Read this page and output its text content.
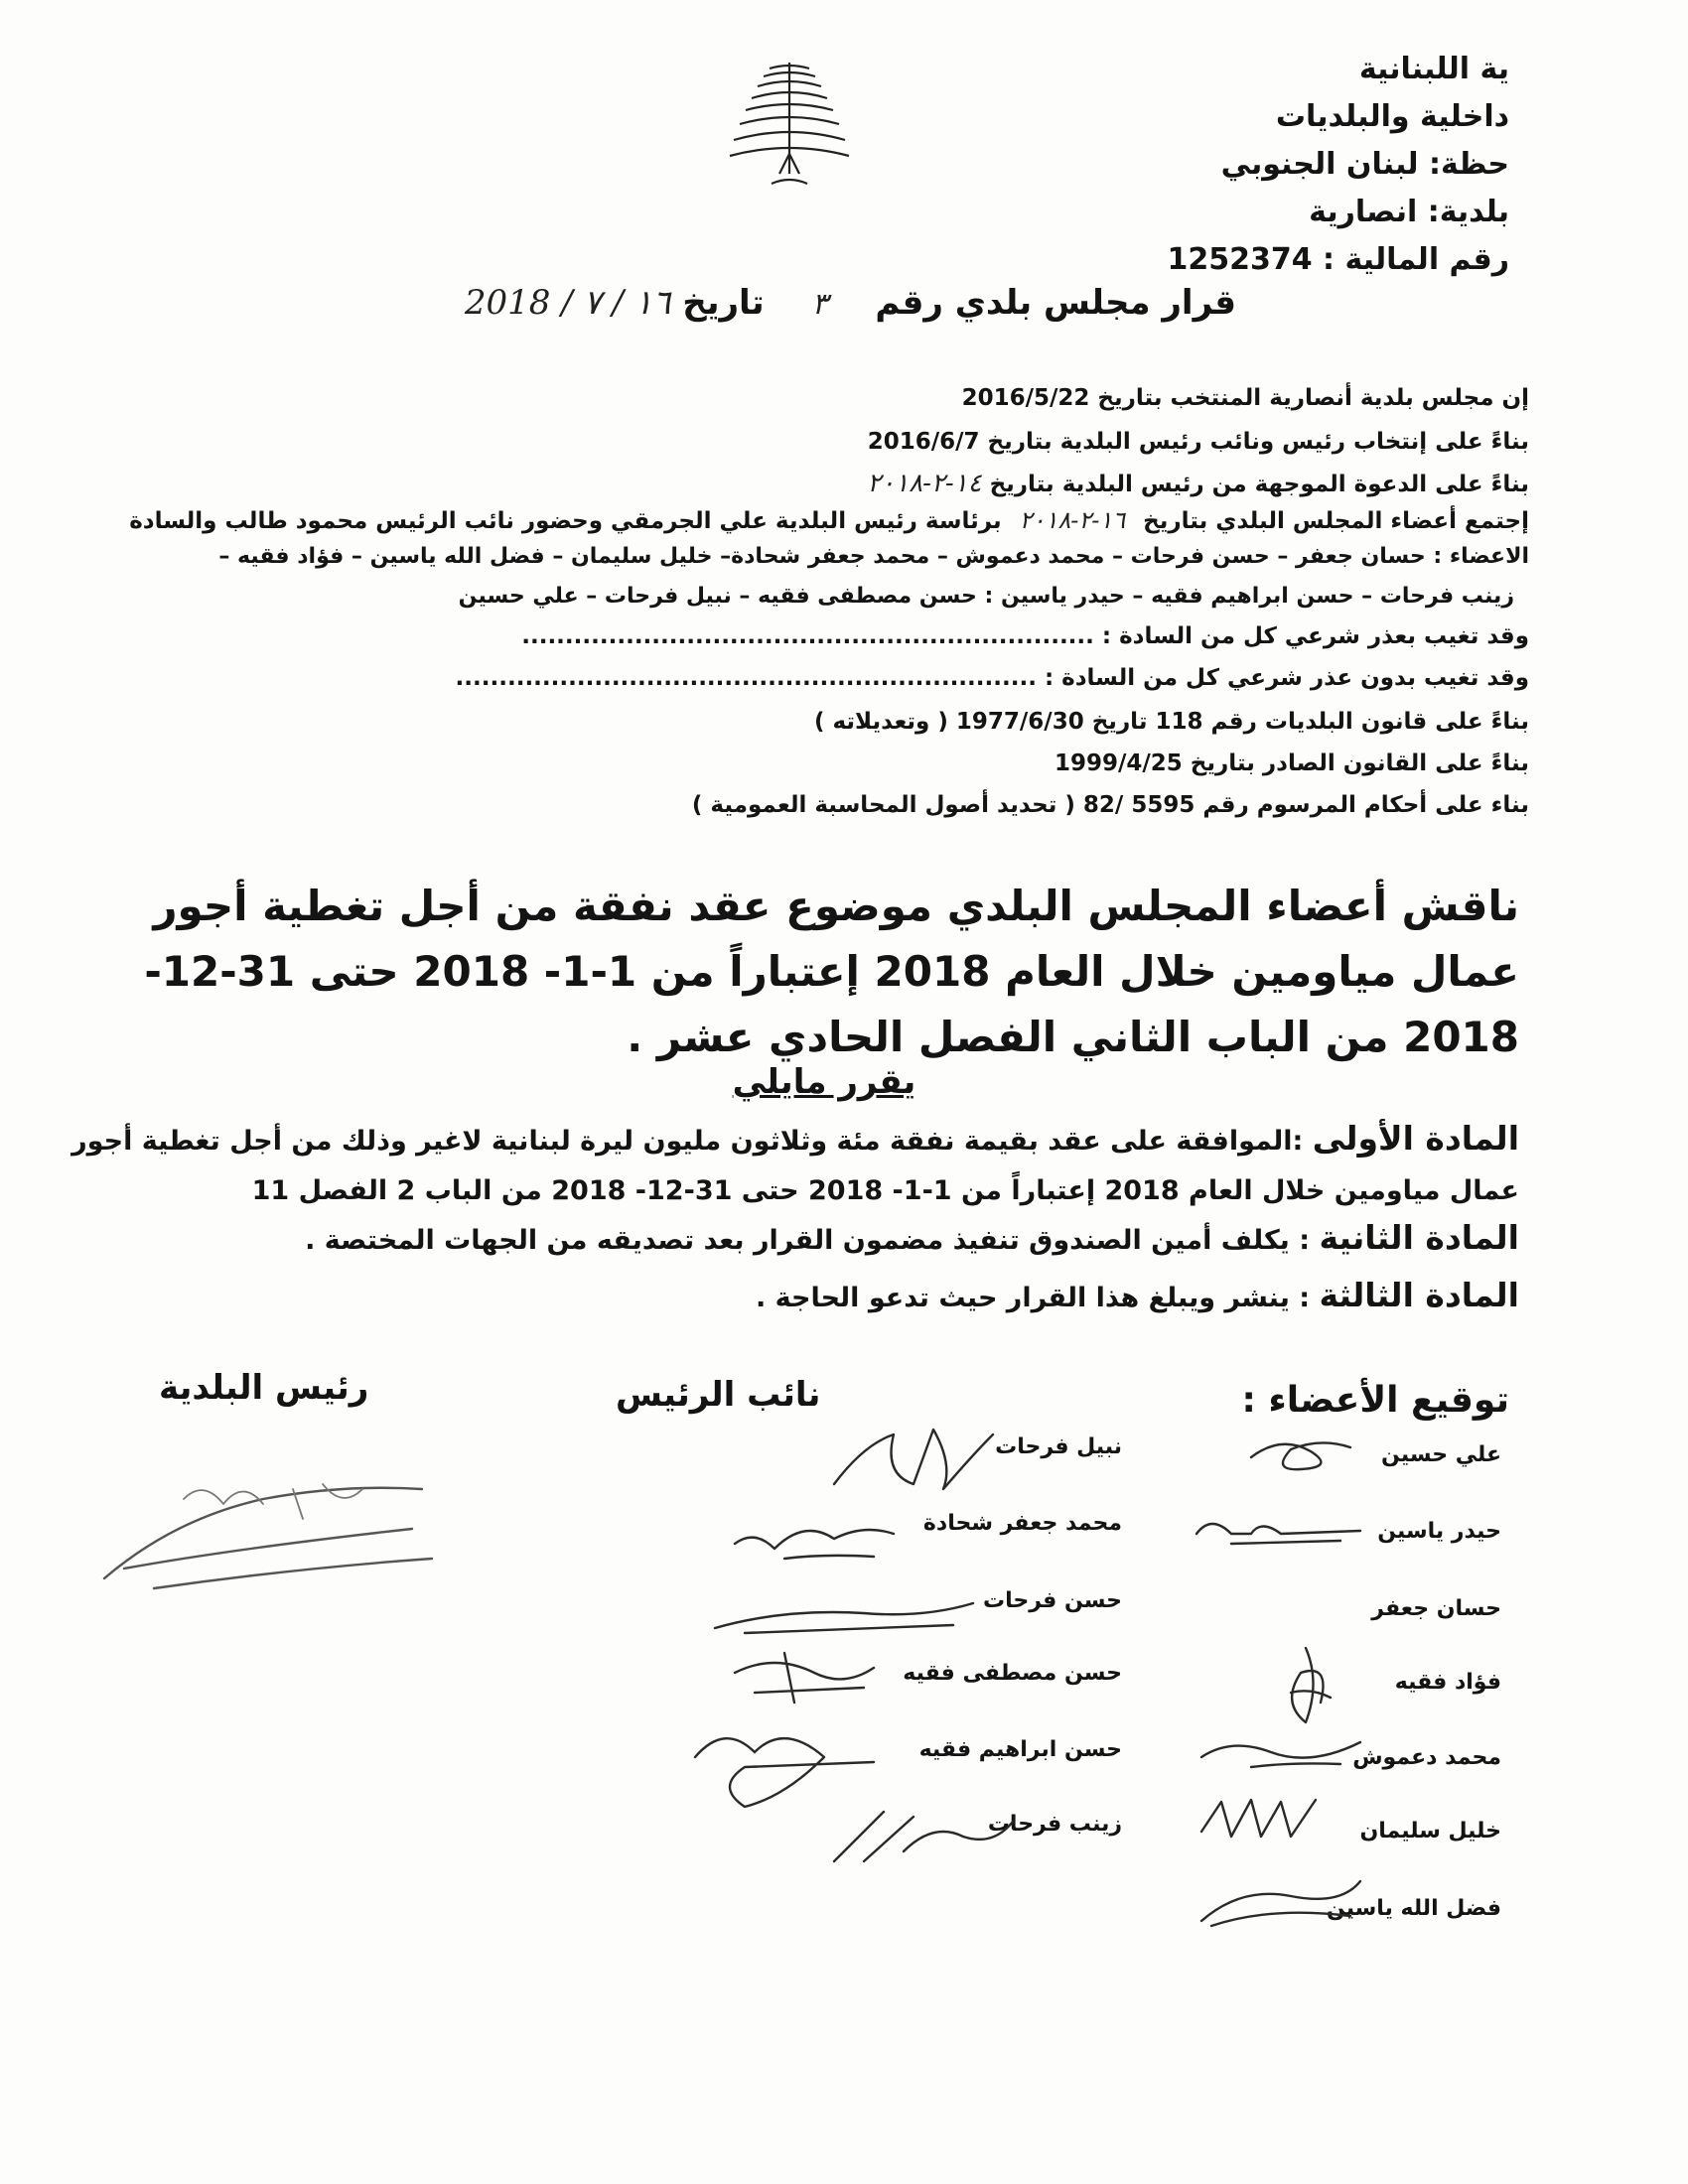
ية اللبنانية
داخلية والبلديات
حظة: لبنان الجنوبي
بلدية: انصارية
رقم المالية : 1252374
قرار مجلس بلدي رقم ٣ تاريخ ١٦ / ٧ / 2018
إن مجلس بلدية أنصارية المنتخب بتاريخ 2016/5/22
بناءً على إنتخاب رئيس ونائب رئيس البلدية بتاريخ 2016/6/7
بناءً على الدعوة الموجهة من رئيس البلدية بتاريخ ١٤-٢-٢٠١٨
إجتمع أعضاء المجلس البلدي بتاريخ ١٦-٢-٢٠١٨ برئاسة رئيس البلدية علي الجرمقي وحضور نائب الرئيس محمود طالب والسادة
الاعضاء : حسان جعفر – حسن فرحات – محمد دعموش – محمد جعفر شحادة– خليل سليمان – فضل الله ياسين – فؤاد فقيه –
زينب فرحات – حسن ابراهيم فقيه – حيدر ياسين : حسن مصطفى فقيه – نبيل فرحات – علي حسين
وقد تغيب بعذر شرعي كل من السادة : ..................................................................
وقد تغيب بدون عذر شرعي كل من السادة : ...................................................................
بناءً على قانون البلديات رقم 118 تاريخ 1977/6/30 ( وتعديلاته )
بناءً على القانون الصادر بتاريخ 1999/4/25
بناء على أحكام المرسوم رقم 5595 /82 ( تحديد أصول المحاسبة العمومية )
ناقش أعضاء المجلس البلدي موضوع عقد نفقة من أجل تغطية أجور عمال مياومين خلال العام 2018 إعتباراً من 1-1- 2018 حتى 31-12- 2018 من الباب الثاني الفصل الحادي عشر .
يقرر مايلي
المادة الأولى :الموافقة على عقد بقيمة نفقة مئة وثلاثون مليون ليرة لبنانية لاغير وذلك من أجل تغطية أجور عمال مياومين خلال العام 2018 إعتباراً من 1-1- 2018 حتى 31-12- 2018 من الباب 2 الفصل 11
المادة الثانية : يكلف أمين الصندوق تنفيذ مضمون القرار بعد تصديقه من الجهات المختصة .
المادة الثالثة : ينشر ويبلغ هذا القرار حيث تدعو الحاجة .
توقيع الأعضاء :
نائب الرئيس
رئيس البلدية
علي حسين
حيدر ياسين
حسان جعفر
فؤاد فقيه
محمد دعموش
خليل سليمان
فضل الله ياسين
نبيل فرحات
محمد جعفر شحادة
حسن فرحات
حسن مصطفى فقيه
حسن ابراهيم فقيه
زينب فرحات
